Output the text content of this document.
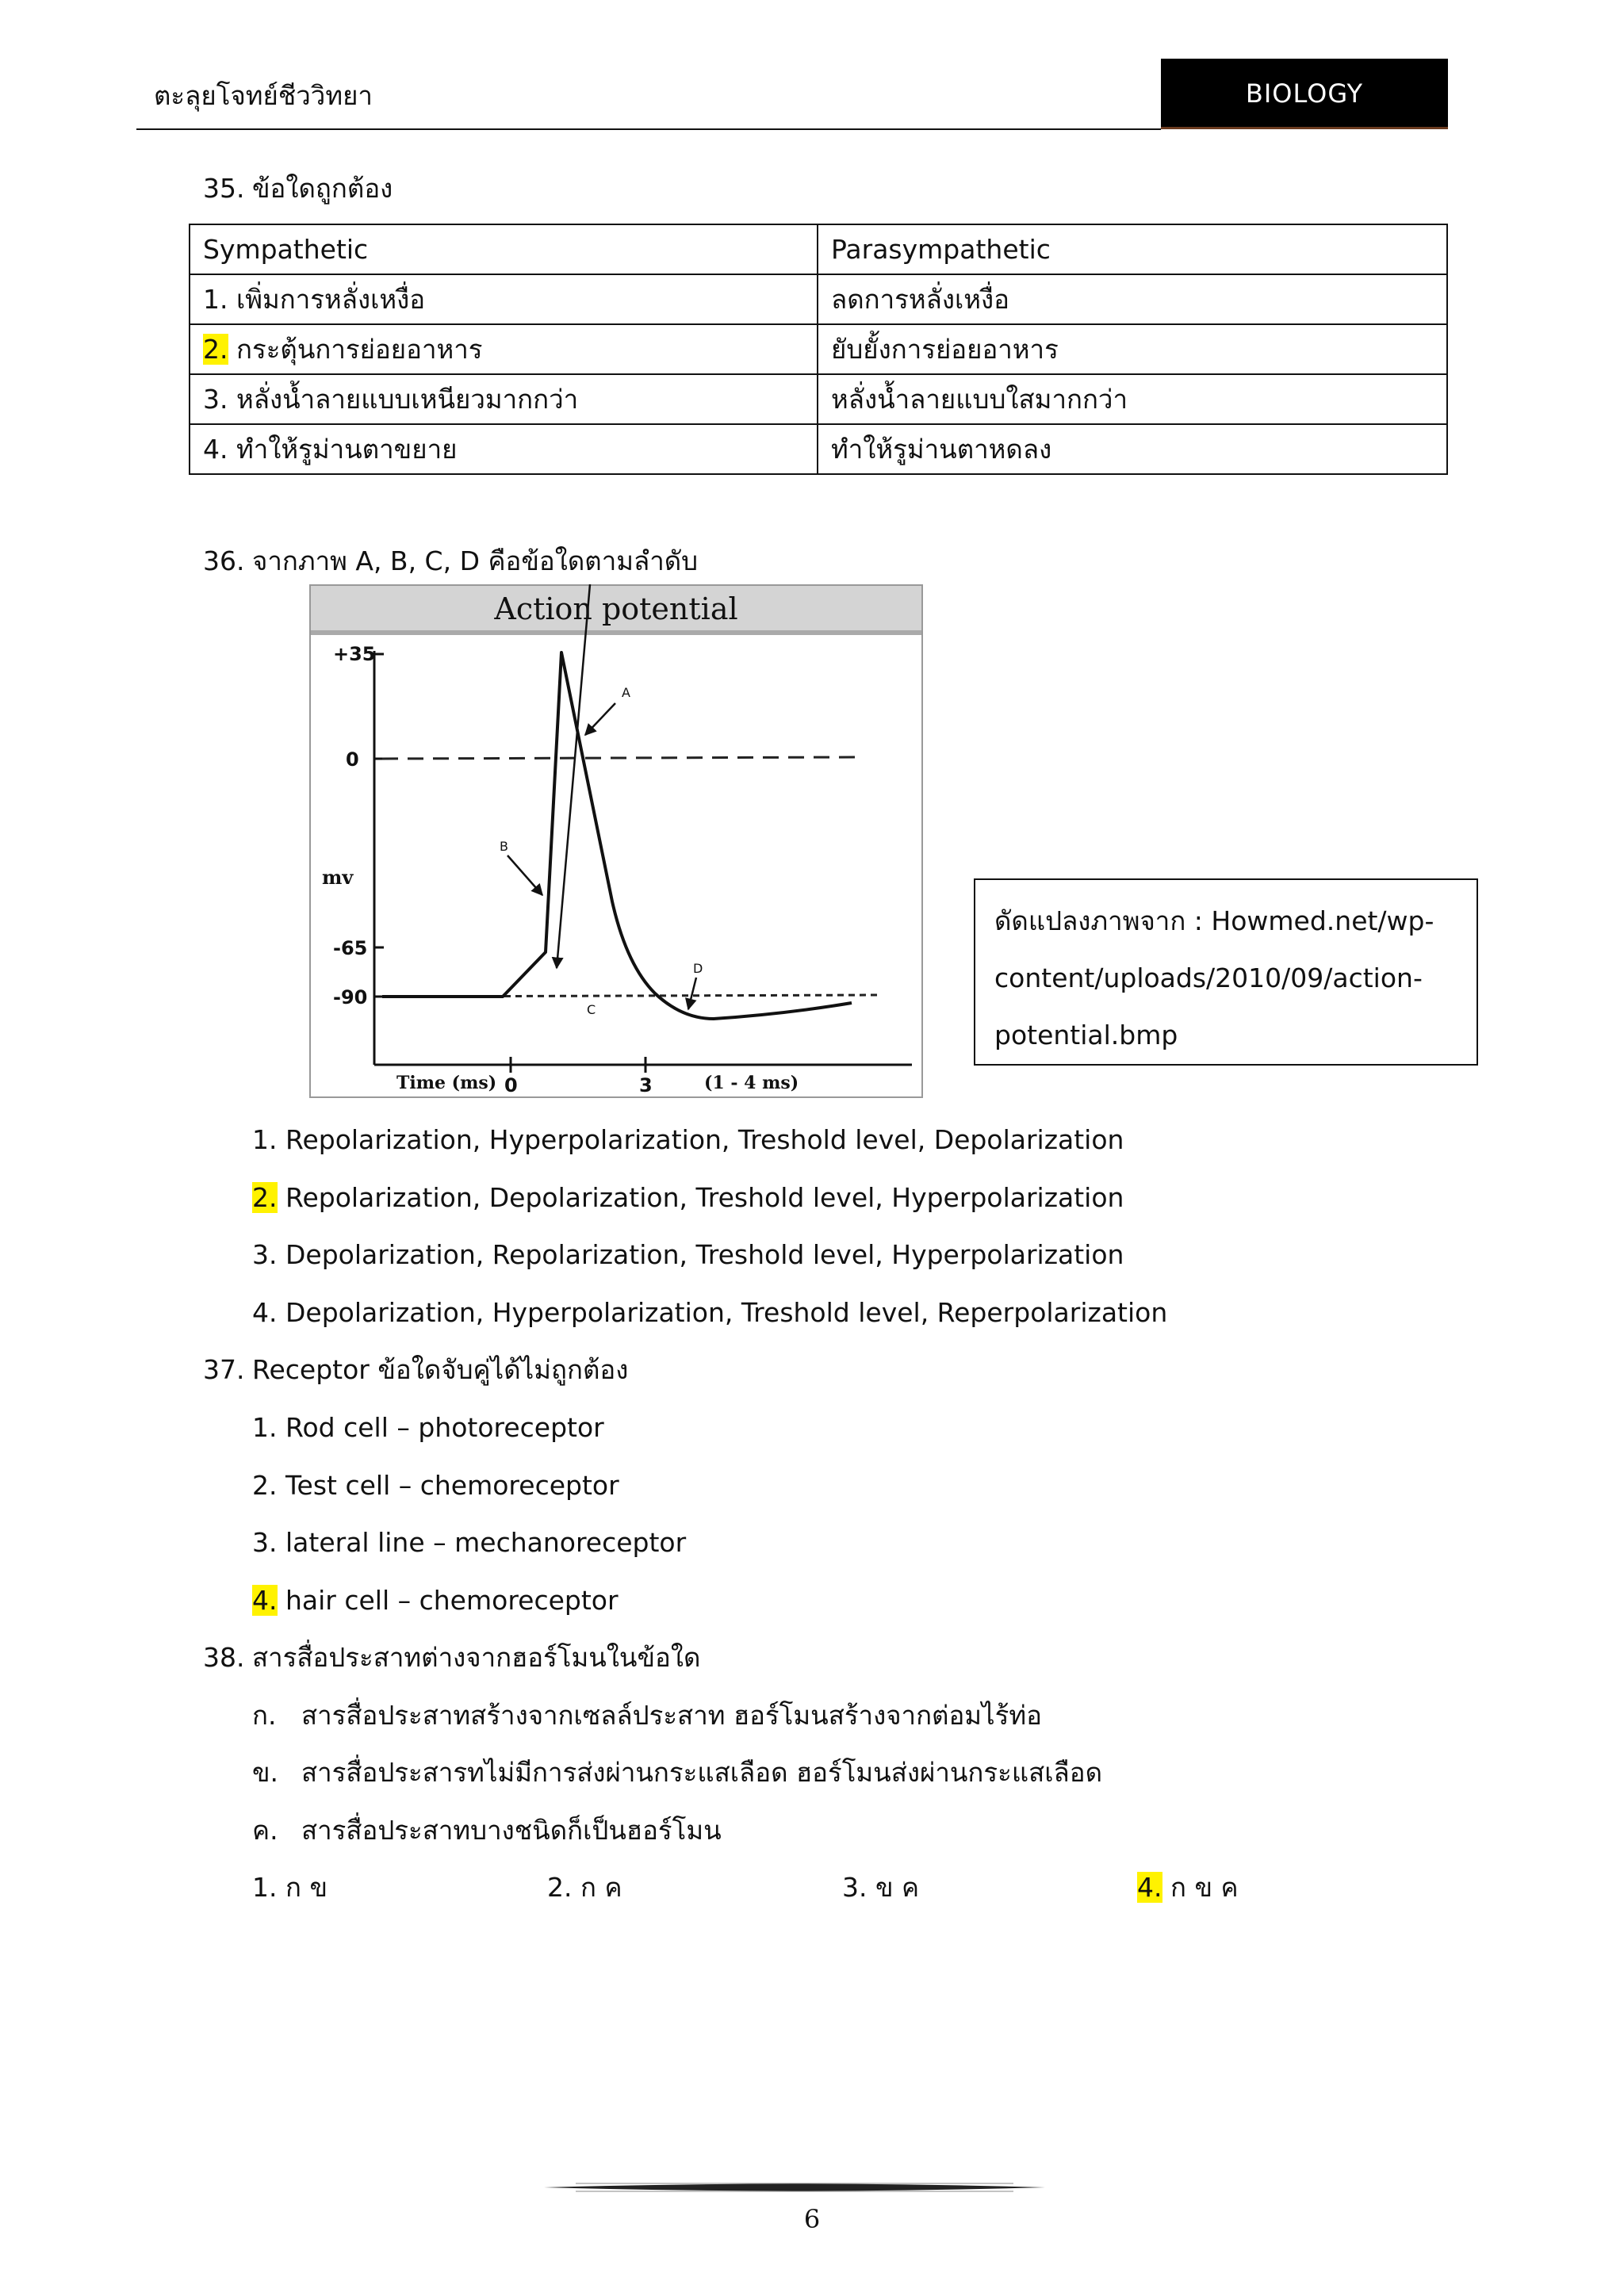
ตะลุยโจทย์ชีววิทยา	BIOLOGY
35. ข้อใดถูกต้อง
Sympathetic	Parasympathetic
1. เพิ่มการหลั่งเหงื่อ	ลดการหลั่งเหงื่อ
2. กระตุ้นการย่อยอาหาร	ยับยั้งการย่อยอาหาร
3. หลั่งน้ำลายแบบเหนียวมากกว่า	หลั่งน้ำลายแบบใสมากกว่า
4. ทำให้รูม่านตาขยาย	ทำให้รูม่านตาหดลง
36. จากภาพ A, B, C, D คือข้อใดตามลำดับ
Action potential
+35
0
-65
-90
mv
Time (ms) 0	3	(1 - 4 ms)
A
B
C
D
ดัดแปลงภาพจาก : Howmed.net/wp-
content/uploads/2010/09/action-
potential.bmp
1. Repolarization, Hyperpolarization, Treshold level, Depolarization
2. Repolarization, Depolarization, Treshold level, Hyperpolarization
3. Depolarization, Repolarization, Treshold level, Hyperpolarization
4. Depolarization, Hyperpolarization, Treshold level, Reperpolarization
37. Receptor ข้อใดจับคู่ได้ไม่ถูกต้อง
1. Rod cell – photoreceptor
2. Test cell – chemoreceptor
3. lateral line – mechanoreceptor
4. hair cell – chemoreceptor
38. สารสื่อประสาทต่างจากฮอร์โมนในข้อใด
ก. สารสื่อประสาทสร้างจากเซลล์ประสาท ฮอร์โมนสร้างจากต่อมไร้ท่อ
ข. สารสื่อประสารทไม่มีการส่งผ่านกระแสเลือด ฮอร์โมนส่งผ่านกระแสเลือด
ค. สารสื่อประสาทบางชนิดก็เป็นฮอร์โมน
1. ก ข	2. ก ค	3. ข ค	4. ก ข ค
6
